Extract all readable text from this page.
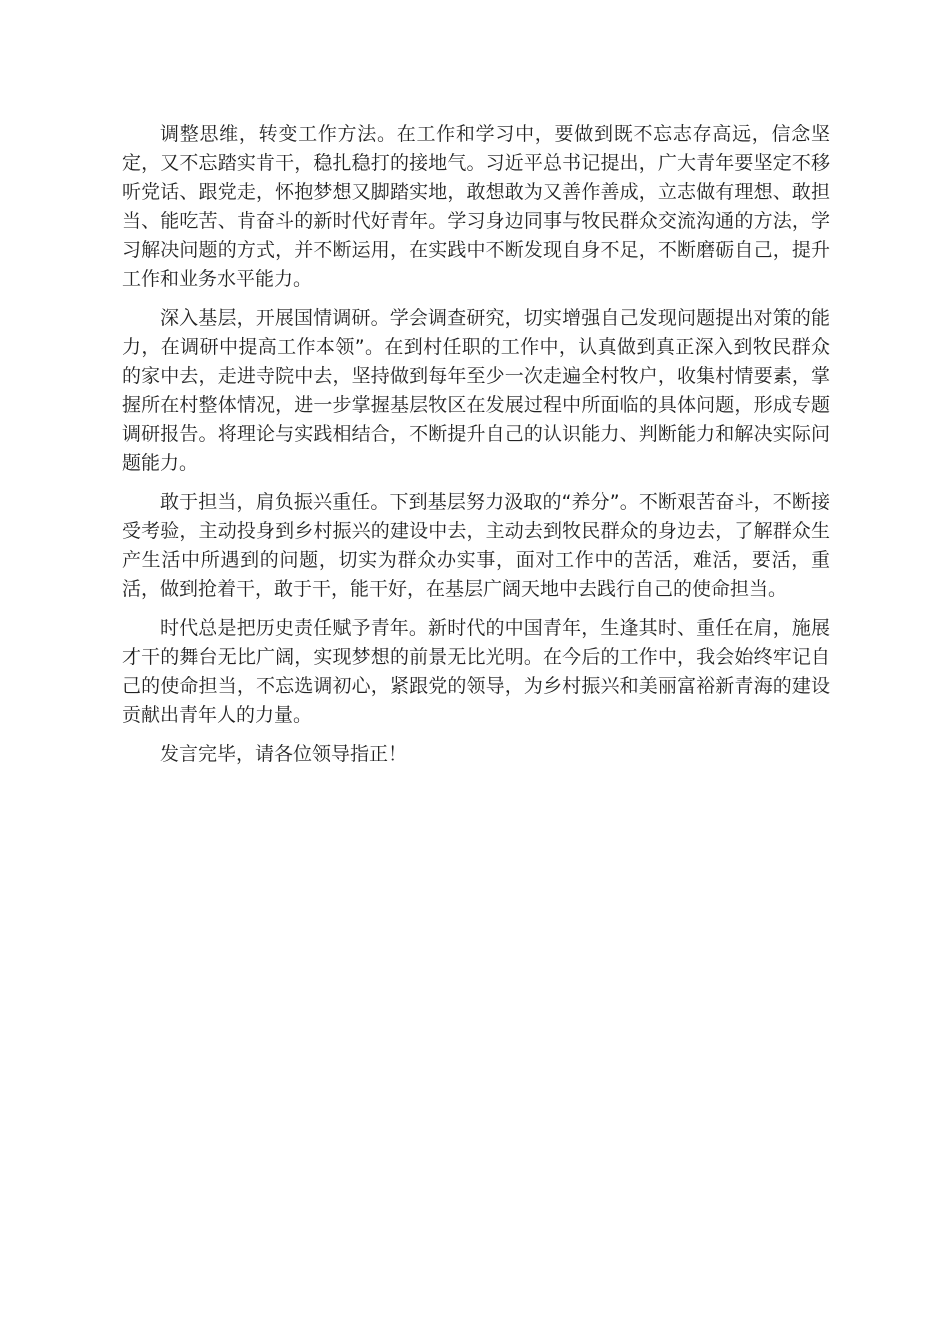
调整思维，转变工作方法。在工作和学习中，要做到既不忘志存高远，信念坚定，又不忘踏实肯干，稳扎稳打的接地气。习近平总书记提出，广大青年要坚定不移听党话、跟党走，怀抱梦想又脚踏实地，敢想敢为又善作善成，立志做有理想、敢担当、能吃苦、肯奋斗的新时代好青年。学习身边同事与牧民群众交流沟通的方法，学习解决问题的方式，并不断运用，在实践中不断发现自身不足，不断磨砺自己，提升工作和业务水平能力。

深入基层，开展国情调研。学会调查研究，切实增强自己发现问题提出对策的能力，在调研中提高工作本领”。在到村任职的工作中，认真做到真正深入到牧民群众的家中去，走进寺院中去，坚持做到每年至少一次走遍全村牧户，收集村情要素，掌握所在村整体情况，进一步掌握基层牧区在发展过程中所面临的具体问题，形成专题调研报告。将理论与实践相结合，不断提升自己的认识能力、判断能力和解决实际问题能力。

敢于担当，肩负振兴重任。下到基层努力汲取的“养分”。不断艰苦奋斗，不断接受考验，主动投身到乡村振兴的建设中去，主动去到牧民群众的身边去，了解群众生产生活中所遇到的问题，切实为群众办实事，面对工作中的苦活，难活，要活，重活，做到抢着干，敢于干，能干好，在基层广阔天地中去践行自己的使命担当。

时代总是把历史责任赋予青年。新时代的中国青年，生逢其时、重任在肩，施展才干的舞台无比广阔，实现梦想的前景无比光明。在今后的工作中，我会始终牢记自己的使命担当，不忘选调初心，紧跟党的领导，为乡村振兴和美丽富裕新青海的建设贡献出青年人的力量。

发言完毕，请各位领导指正！
